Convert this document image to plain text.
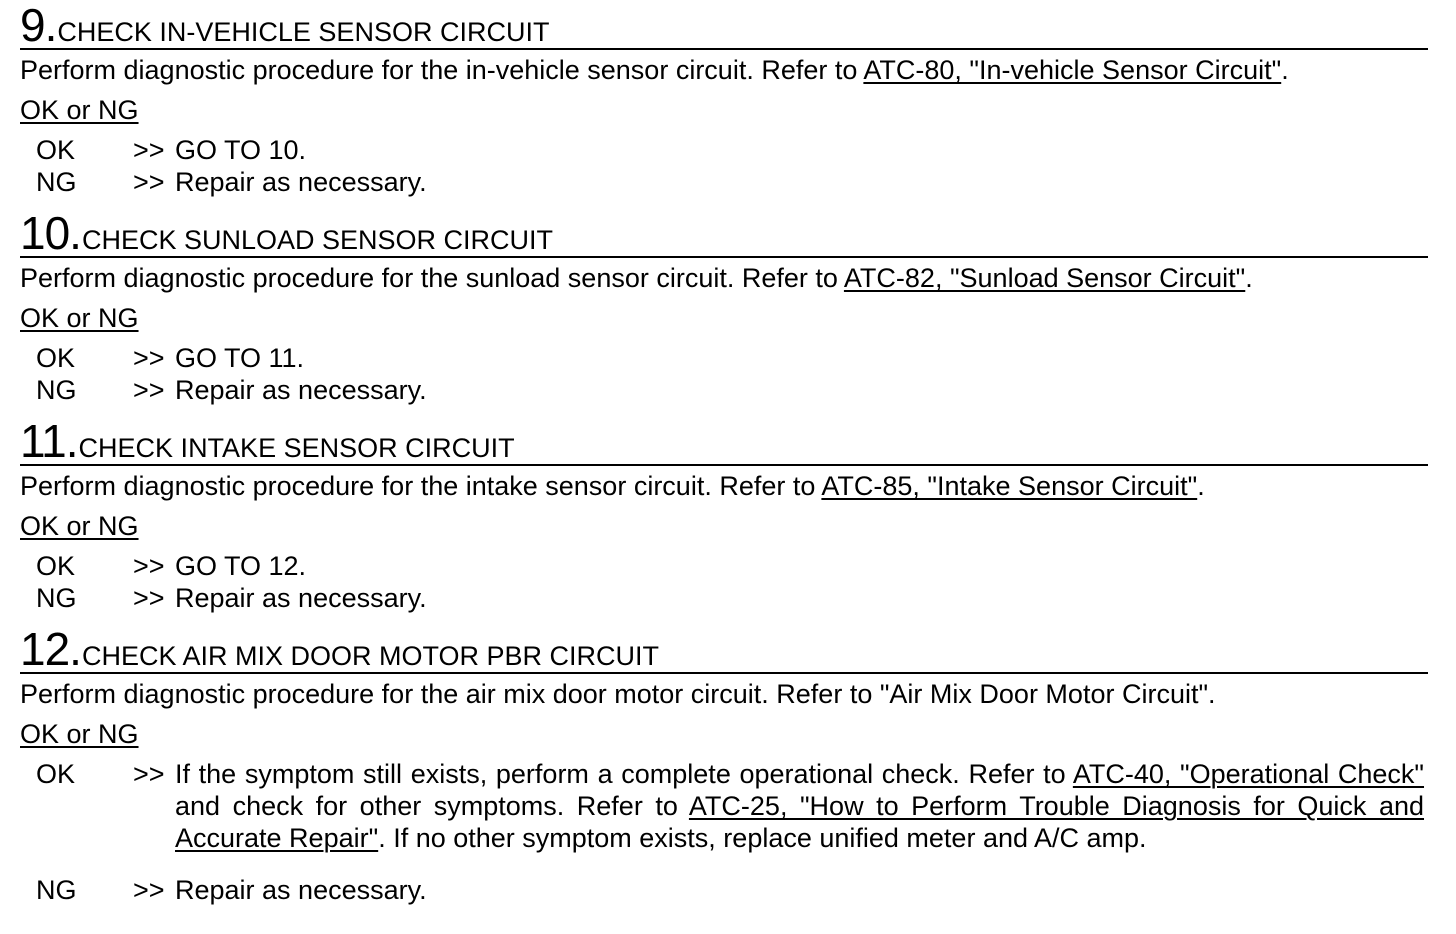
9 . CHECK IN-VEHICLE SENSOR CIRCUIT
Perform diagnostic procedure for the in-vehicle sensor circuit. Refer to ATC-80, "In-vehicle Sensor Circuit".
OK or NG
OK	>> GO TO 10.
NG	>> Repair as necessary.
10 . CHECK SUNLOAD SENSOR CIRCUIT
Perform diagnostic procedure for the sunload sensor circuit. Refer to ATC-82, "Sunload Sensor Circuit".
OK or NG
OK	>> GO TO 11.
NG	>> Repair as necessary.
11 . CHECK INTAKE SENSOR CIRCUIT
Perform diagnostic procedure for the intake sensor circuit. Refer to ATC-85, "Intake Sensor Circuit".
OK or NG
OK	>> GO TO 12.
NG	>> Repair as necessary.
12 . CHECK AIR MIX DOOR MOTOR PBR CIRCUIT
Perform diagnostic procedure for the air mix door motor circuit. Refer to "Air Mix Door Motor Circuit".
OK or NG
OK	>> If the symptom still exists, perform a complete operational check. Refer to ATC-40, "Operational Check" and check for other symptoms. Refer to ATC-25, "How to Perform Trouble Diagnosis for Quick and Accurate Repair". If no other symptom exists, replace unified meter and A/C amp.
NG	>> Repair as necessary.
